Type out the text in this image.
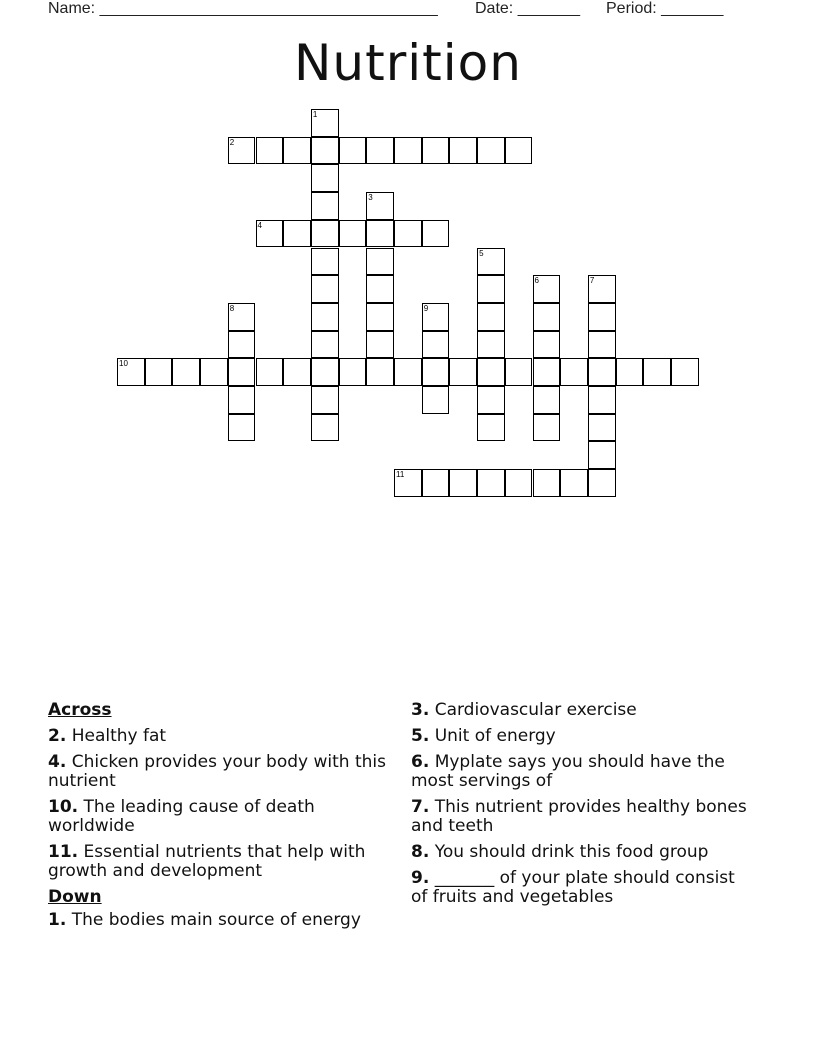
Name: ______________________________________

Date: _______

Period: _______

Nutrition
1
2
3
4
5
6	7
8	9
10
11
Across
2. Healthy fat
4. Chicken provides your body with this nutrient
10. The leading cause of death worldwide
11. Essential nutrients that help with growth and development
Down
1. The bodies main source of energy
3. Cardiovascular exercise
5. Unit of energy
6. Myplate says you should have the most servings of
7. This nutrient provides healthy bones and teeth
8. You should drink this food group
9. _______ of your plate should consist of fruits and vegetables
